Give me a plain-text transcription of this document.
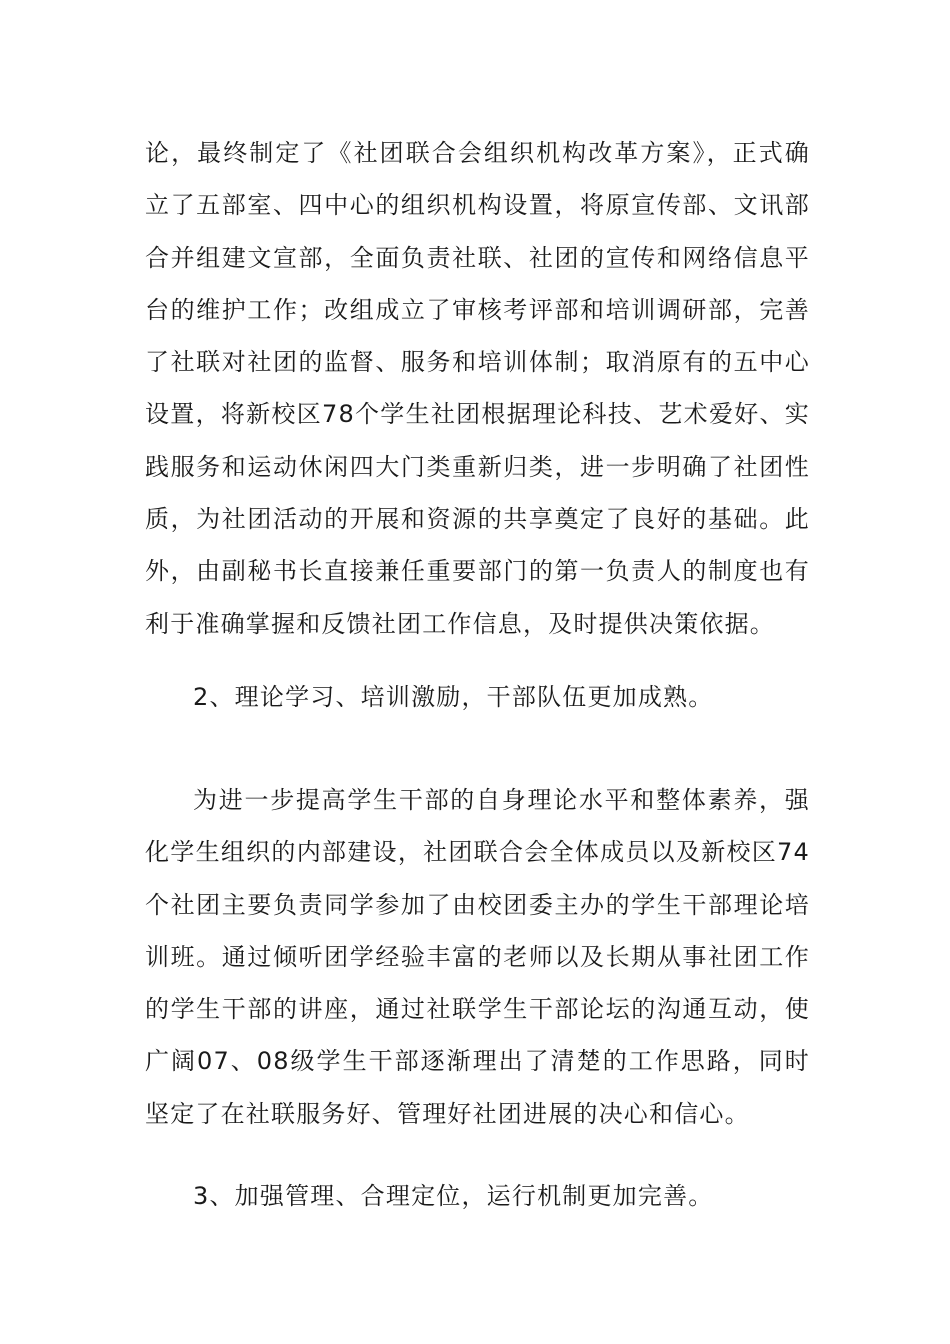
论，最终制定了《社团联合会组织机构改革方案》，正式确立了五部室、四中心的组织机构设置，将原宣传部、文讯部合并组建文宣部，全面负责社联、社团的宣传和网络信息平台的维护工作；改组成立了审核考评部和培训调研部，完善了社联对社团的监督、服务和培训体制；取消原有的五中心设置，将新校区78个学生社团根据理论科技、艺术爱好、实践服务和运动休闲四大门类重新归类，进一步明确了社团性质，为社团活动的开展和资源的共享奠定了良好的基础。此外，由副秘书长直接兼任重要部门的第一负责人的制度也有利于准确掌握和反馈社团工作信息，及时提供决策依据。

2、理论学习、培训激励，干部队伍更加成熟。

为进一步提高学生干部的自身理论水平和整体素养，强化学生组织的内部建设，社团联合会全体成员以及新校区74个社团主要负责同学参加了由校团委主办的学生干部理论培训班。通过倾听团学经验丰富的老师以及长期从事社团工作的学生干部的讲座，通过社联学生干部论坛的沟通互动，使广阔07、08级学生干部逐渐理出了清楚的工作思路，同时坚定了在社联服务好、管理好社团进展的决心和信心。

3、加强管理、合理定位，运行机制更加完善。
